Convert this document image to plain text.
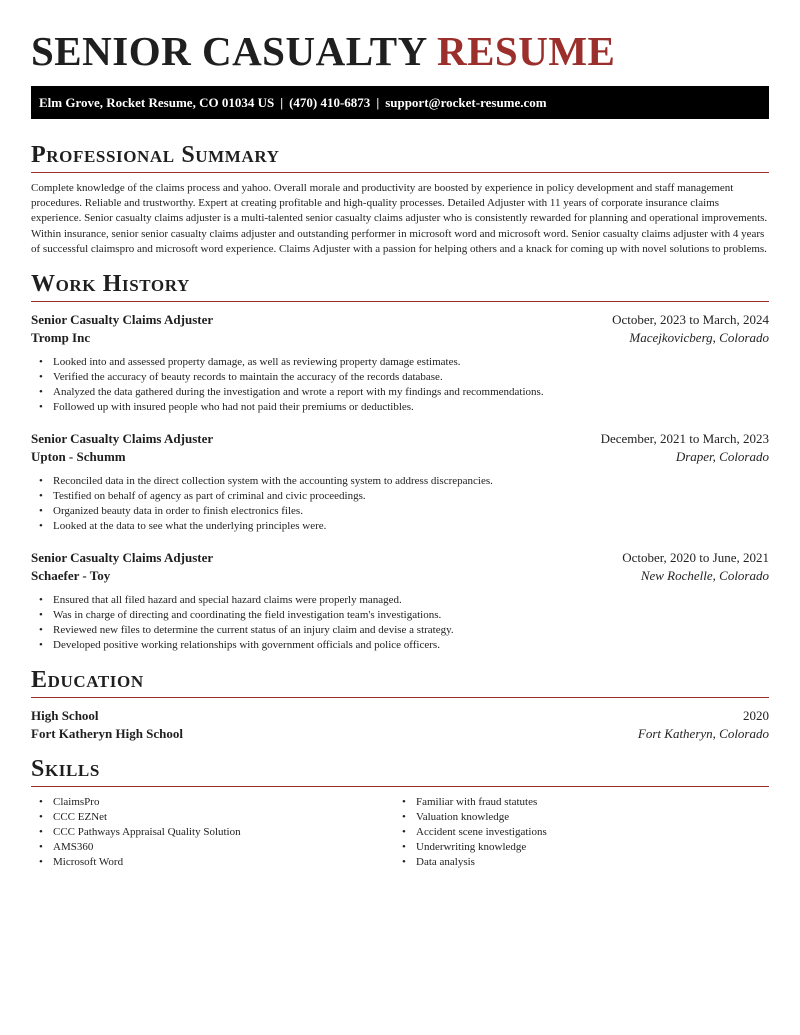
SENIOR CASUALTY RESUME
Elm Grove, Rocket Resume, CO 01034 US | (470) 410-6873 | support@rocket-resume.com
Professional Summary

Complete knowledge of the claims process and yahoo. Overall morale and productivity are boosted by experience in policy development and staff management procedures. Reliable and trustworthy. Expert at creating profitable and high-quality processes. Detailed Adjuster with 11 years of corporate insurance claims experience. Senior casualty claims adjuster is a multi-talented senior casualty claims adjuster who is consistently rewarded for planning and operational improvements. Within insurance, senior senior casualty claims adjuster and outstanding performer in microsoft word and microsoft word. Senior casualty claims adjuster with 4 years of successful claimspro and microsoft word experience. Claims Adjuster with a passion for helping others and a knack for coming up with novel solutions to problems.

Work History
Senior Casualty Claims Adjuster	October, 2023 to March, 2024
Tromp Inc	Macejkovicberg, Colorado
• Looked into and assessed property damage, as well as reviewing property damage estimates.
• Verified the accuracy of beauty records to maintain the accuracy of the records database.
• Analyzed the data gathered during the investigation and wrote a report with my findings and recommendations.
• Followed up with insured people who had not paid their premiums or deductibles.
Senior Casualty Claims Adjuster	December, 2021 to March, 2023
Upton - Schumm	Draper, Colorado
• Reconciled data in the direct collection system with the accounting system to address discrepancies.
• Testified on behalf of agency as part of criminal and civic proceedings.
• Organized beauty data in order to finish electronics files.
• Looked at the data to see what the underlying principles were.
Senior Casualty Claims Adjuster	October, 2020 to June, 2021
Schaefer - Toy	New Rochelle, Colorado
• Ensured that all filed hazard and special hazard claims were properly managed.
• Was in charge of directing and coordinating the field investigation team's investigations.
• Reviewed new files to determine the current status of an injury claim and devise a strategy.
• Developed positive working relationships with government officials and police officers.
Education
High School	2020
Fort Katheryn High School	Fort Katheryn, Colorado
Skills
• ClaimsPro
• CCC EZNet
• CCC Pathways Appraisal Quality Solution
• AMS360
• Microsoft Word
• Familiar with fraud statutes
• Valuation knowledge
• Accident scene investigations
• Underwriting knowledge
• Data analysis
